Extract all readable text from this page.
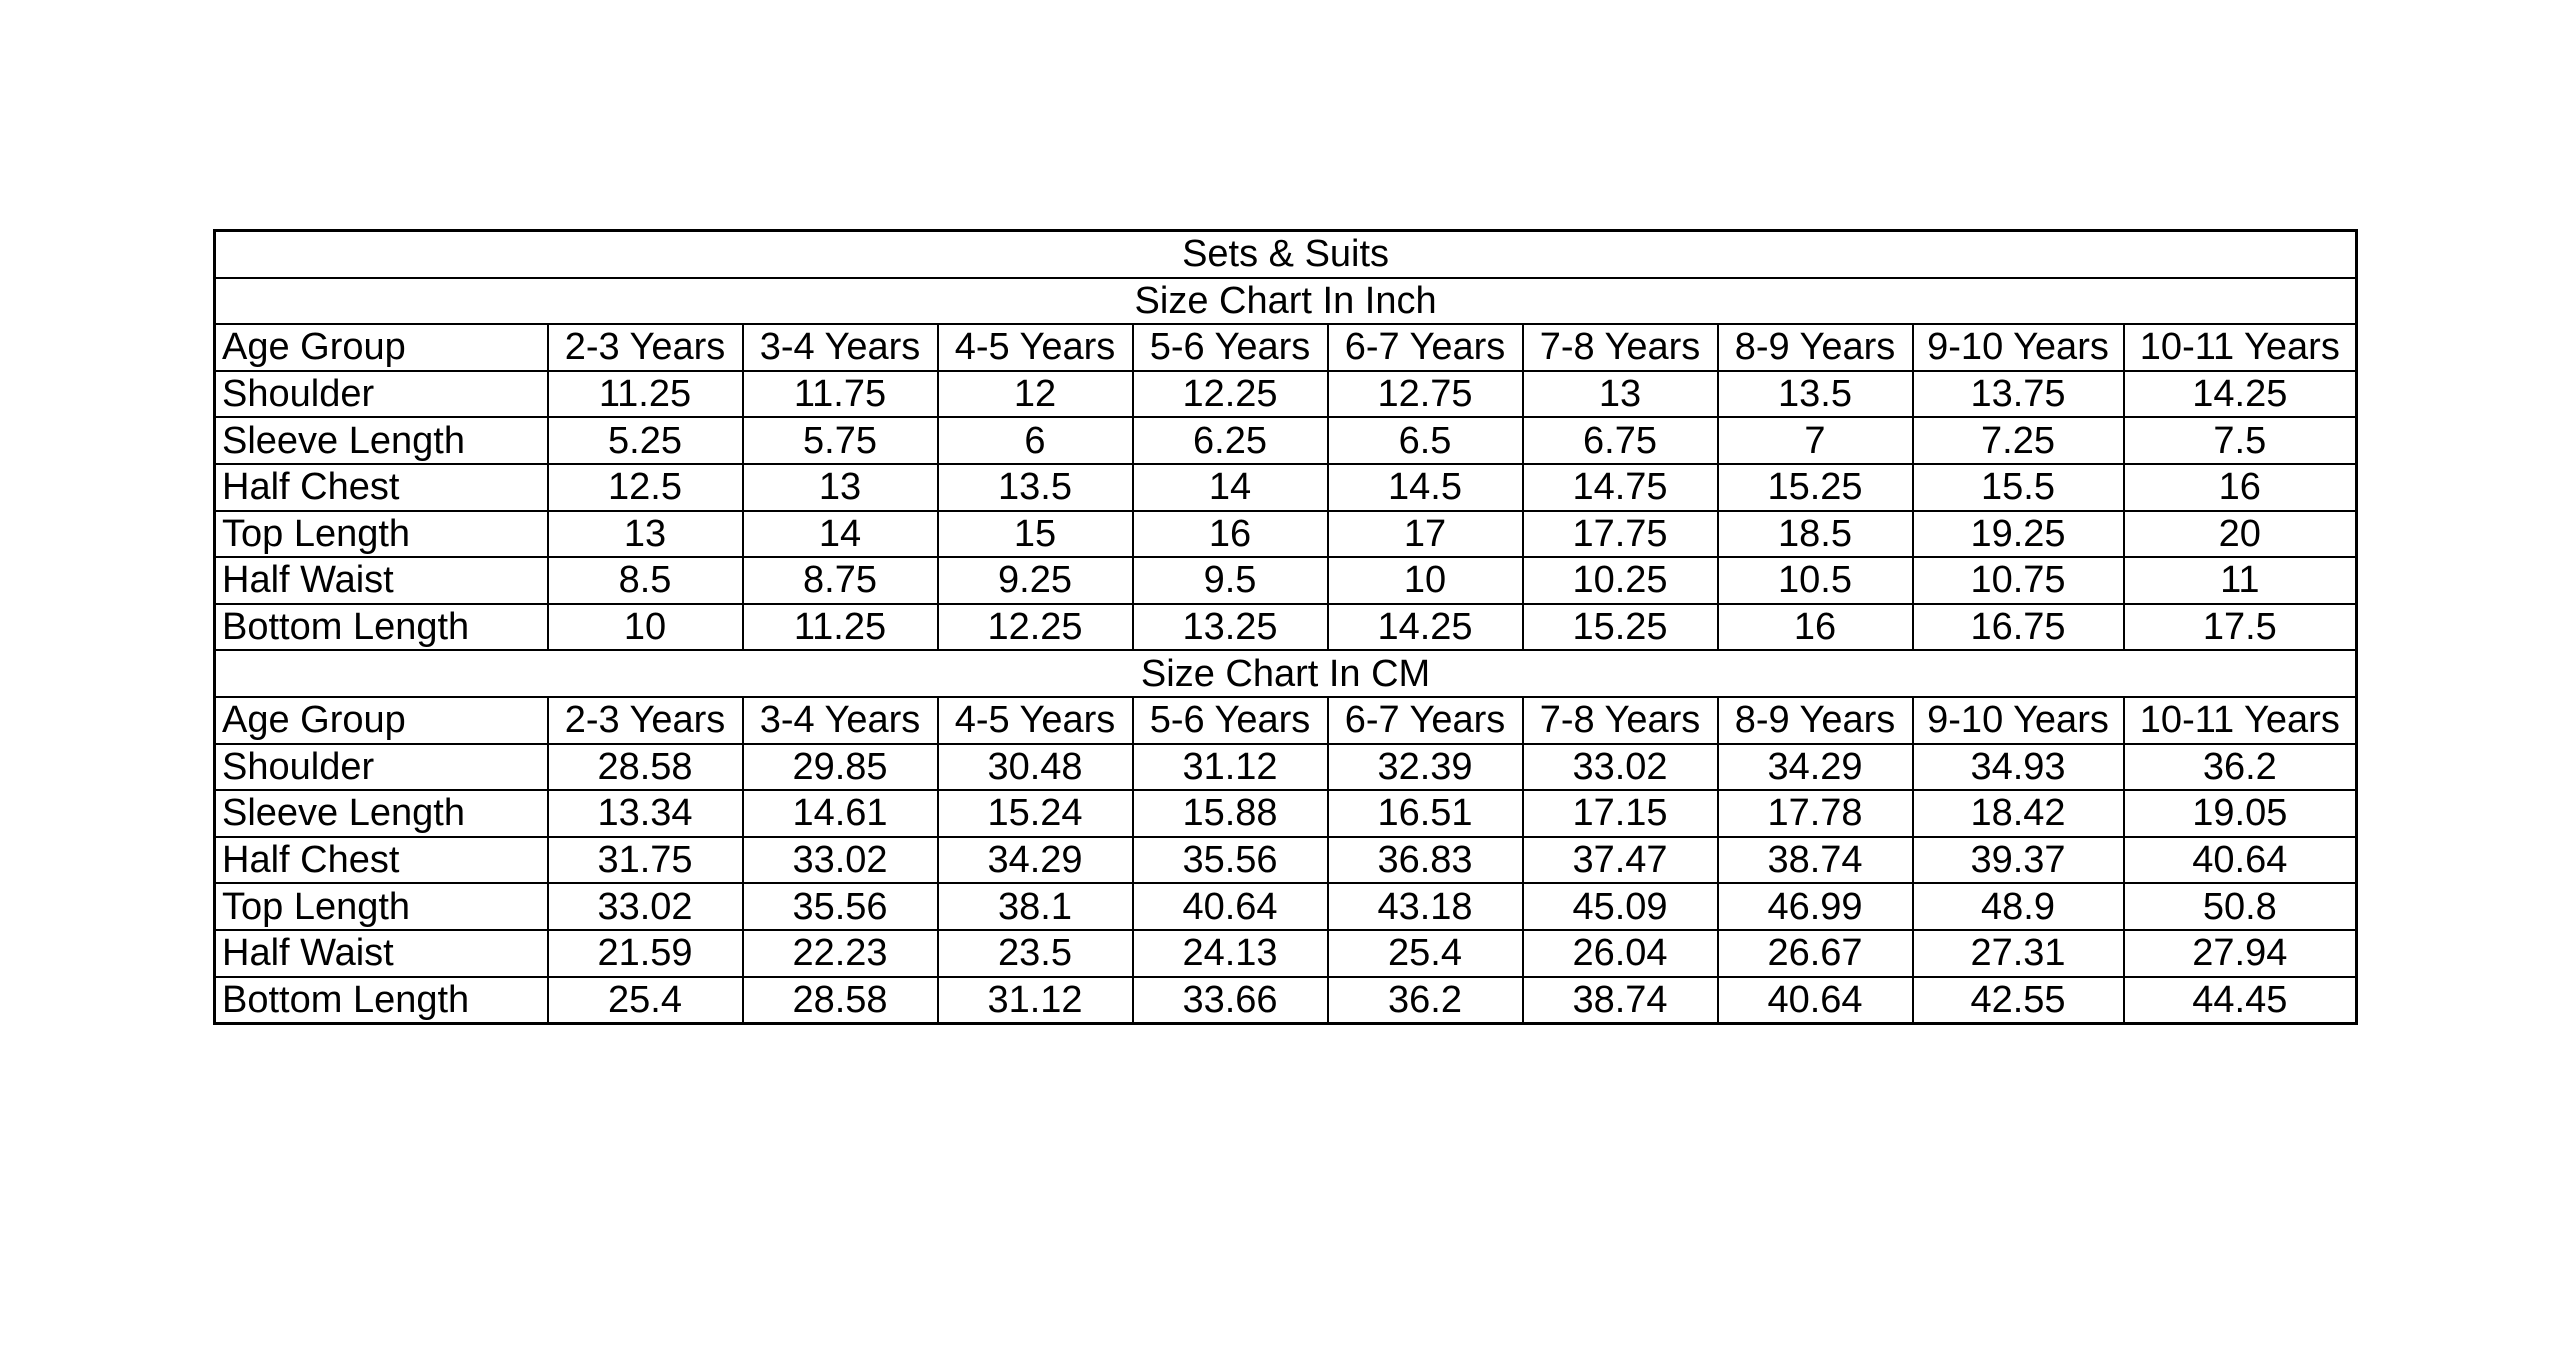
Sets & Suits									
Size Chart In Inch									
Age Group	2-3 Years	3-4 Years	4-5 Years	5-6 Years	6-7 Years	7-8 Years	8-9 Years	9-10 Years	10-11 Years
Shoulder	11.25	11.75	12	12.25	12.75	13	13.5	13.75	14.25
Sleeve Length	5.25	5.75	6	6.25	6.5	6.75	7	7.25	7.5
Half Chest	12.5	13	13.5	14	14.5	14.75	15.25	15.5	16
Top Length	13	14	15	16	17	17.75	18.5	19.25	20
Half Waist	8.5	8.75	9.25	9.5	10	10.25	10.5	10.75	11
Bottom Length	10	11.25	12.25	13.25	14.25	15.25	16	16.75	17.5
Size Chart In CM									
Age Group	2-3 Years	3-4 Years	4-5 Years	5-6 Years	6-7 Years	7-8 Years	8-9 Years	9-10 Years	10-11 Years
Shoulder	28.58	29.85	30.48	31.12	32.39	33.02	34.29	34.93	36.2
Sleeve Length	13.34	14.61	15.24	15.88	16.51	17.15	17.78	18.42	19.05
Half Chest	31.75	33.02	34.29	35.56	36.83	37.47	38.74	39.37	40.64
Top Length	33.02	35.56	38.1	40.64	43.18	45.09	46.99	48.9	50.8
Half Waist	21.59	22.23	23.5	24.13	25.4	26.04	26.67	27.31	27.94
Bottom Length	25.4	28.58	31.12	33.66	36.2	38.74	40.64	42.55	44.45
